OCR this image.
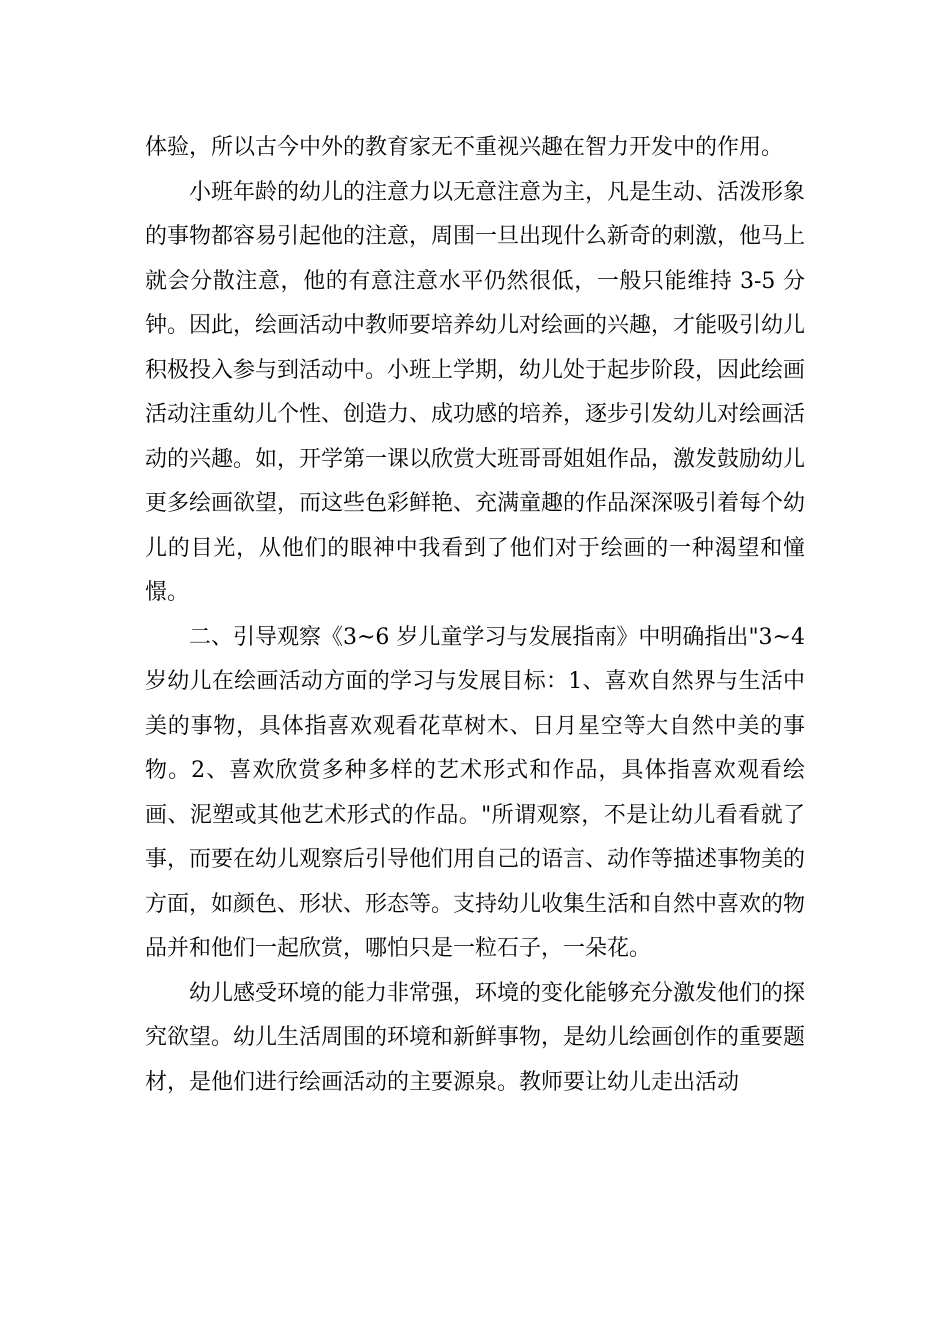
体验，所以古今中外的教育家无不重视兴趣在智力开发中的作用。

小班年龄的幼儿的注意力以无意注意为主，凡是生动、活泼形象的事物都容易引起他的注意，周围一旦出现什么新奇的刺激，他马上就会分散注意，他的有意注意水平仍然很低，一般只能维持 3-5 分钟。因此，绘画活动中教师要培养幼儿对绘画的兴趣，才能吸引幼儿积极投入参与到活动中。小班上学期，幼儿处于起步阶段，因此绘画活动注重幼儿个性、创造力、成功感的培养，逐步引发幼儿对绘画活动的兴趣。如，开学第一课以欣赏大班哥哥姐姐作品，激发鼓励幼儿更多绘画欲望，而这些色彩鲜艳、充满童趣的作品深深吸引着每个幼儿的目光，从他们的眼神中我看到了他们对于绘画的一种渴望和憧憬。

二、引导观察《3~6 岁儿童学习与发展指南》中明确指出"3~4 岁幼儿在绘画活动方面的学习与发展目标：1、喜欢自然界与生活中美的事物，具体指喜欢观看花草树木、日月星空等大自然中美的事物。2、喜欢欣赏多种多样的艺术形式和作品，具体指喜欢观看绘画、泥塑或其他艺术形式的作品。"所谓观察，不是让幼儿看看就了事，而要在幼儿观察后引导他们用自己的语言、动作等描述事物美的方面，如颜色、形状、形态等。支持幼儿收集生活和自然中喜欢的物品并和他们一起欣赏，哪怕只是一粒石子，一朵花。

幼儿感受环境的能力非常强，环境的变化能够充分激发他们的探究欲望。幼儿生活周围的环境和新鲜事物，是幼儿绘画创作的重要题材，是他们进行绘画活动的主要源泉。教师要让幼儿走出活动
